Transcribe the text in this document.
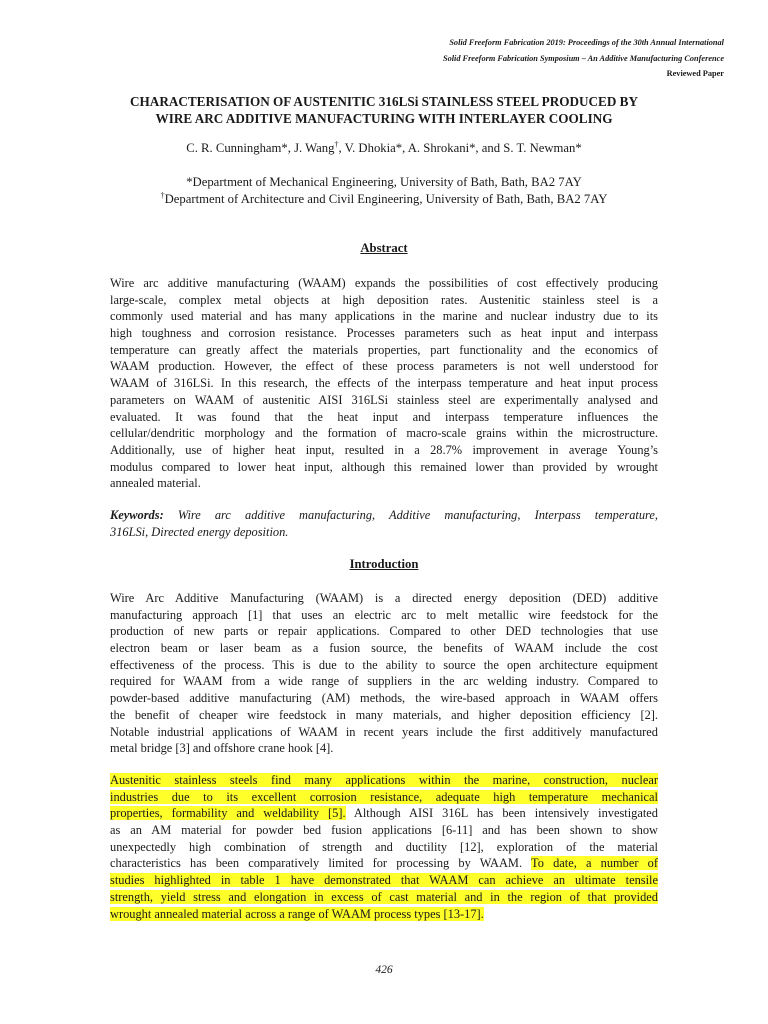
Solid Freeform Fabrication 2019: Proceedings of the 30th Annual International
Solid Freeform Fabrication Symposium – An Additive Manufacturing Conference
Reviewed Paper
CHARACTERISATION OF AUSTENITIC 316LSi STAINLESS STEEL PRODUCED BY
WIRE ARC ADDITIVE MANUFACTURING WITH INTERLAYER COOLING
C. R. Cunningham*, J. Wang†, V. Dhokia*, A. Shrokani*, and S. T. Newman*
*Department of Mechanical Engineering, University of Bath, Bath, BA2 7AY
†Department of Architecture and Civil Engineering, University of Bath, Bath, BA2 7AY
Abstract
Wire arc additive manufacturing (WAAM) expands the possibilities of cost effectively producing
large-scale, complex metal objects at high deposition rates. Austenitic stainless steel is a
commonly used material and has many applications in the marine and nuclear industry due to its
high toughness and corrosion resistance. Processes parameters such as heat input and interpass
temperature can greatly affect the materials properties, part functionality and the economics of
WAAM production. However, the effect of these process parameters is not well understood for
WAAM of 316LSi. In this research, the effects of the interpass temperature and heat input process
parameters on WAAM of austenitic AISI 316LSi stainless steel are experimentally analysed and
evaluated. It was found that the heat input and interpass temperature influences the
cellular/dendritic morphology and the formation of macro-scale grains within the microstructure.
Additionally, use of higher heat input, resulted in a 28.7% improvement in average Young’s
modulus compared to lower heat input, although this remained lower than provided by wrought
annealed material.
Keywords: Wire arc additive manufacturing, Additive manufacturing, Interpass temperature,
316LSi, Directed energy deposition.
Introduction
Wire Arc Additive Manufacturing (WAAM) is a directed energy deposition (DED) additive
manufacturing approach [1] that uses an electric arc to melt metallic wire feedstock for the
production of new parts or repair applications. Compared to other DED technologies that use
electron beam or laser beam as a fusion source, the benefits of WAAM include the cost
effectiveness of the process. This is due to the ability to source the open architecture equipment
required for WAAM from a wide range of suppliers in the arc welding industry. Compared to
powder-based additive manufacturing (AM) methods, the wire-based approach in WAAM offers
the benefit of cheaper wire feedstock in many materials, and higher deposition efficiency [2].
Notable industrial applications of WAAM in recent years include the first additively manufactured
metal bridge [3] and offshore crane hook [4].
Austenitic stainless steels find many applications within the marine, construction, nuclear
industries due to its excellent corrosion resistance, adequate high temperature mechanical
properties, formability and weldability [5]. Although AISI 316L has been intensively investigated
as an AM material for powder bed fusion applications [6-11] and has been shown to show
unexpectedly high combination of strength and ductility [12], exploration of the material
characteristics has been comparatively limited for processing by WAAM. To date, a number of
studies highlighted in table 1 have demonstrated that WAAM can achieve an ultimate tensile
strength, yield stress and elongation in excess of cast material and in the region of that provided
wrought annealed material across a range of WAAM process types [13-17].
426
